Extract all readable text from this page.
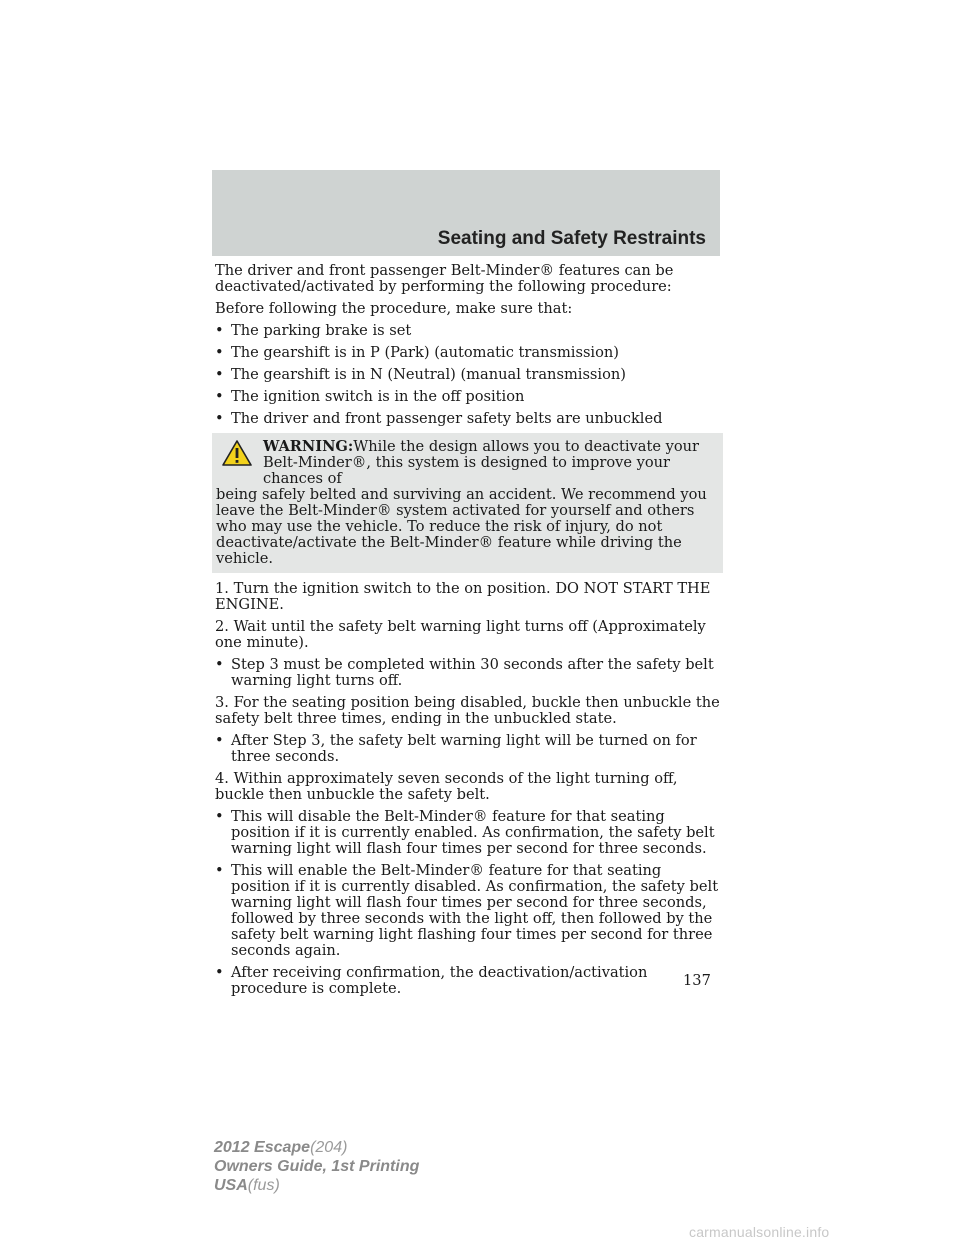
Seating and Safety Restraints

The driver and front passenger Belt-Minder® features can be deactivated/activated by performing the following procedure:

Before following the procedure, make sure that:

• The parking brake is set
• The gearshift is in P (Park) (automatic transmission)
• The gearshift is in N (Neutral) (manual transmission)
• The ignition switch is in the off position
• The driver and front passenger safety belts are unbuckled
WARNING:While the design allows you to deactivate your
Belt-Minder®, this system is designed to improve your chances of
being safely belted and surviving an accident. We recommend you leave the Belt-Minder® system activated for yourself and others who may use the vehicle. To reduce the risk of injury, do not deactivate/activate the Belt-Minder® feature while driving the vehicle.

1. Turn the ignition switch to the on position. DO NOT START THE ENGINE.

2. Wait until the safety belt warning light turns off (Approximately one minute).

• Step 3 must be completed within 30 seconds after the safety belt warning light turns off.

3. For the seating position being disabled, buckle then unbuckle the safety belt three times, ending in the unbuckled state.

• After Step 3, the safety belt warning light will be turned on for three seconds.

4. Within approximately seven seconds of the light turning off, buckle then unbuckle the safety belt.

• This will disable the Belt-Minder® feature for that seating position if it is currently enabled. As confirmation, the safety belt warning light will flash four times per second for three seconds.
• This will enable the Belt-Minder® feature for that seating position if it is currently disabled. As confirmation, the safety belt warning light will flash four times per second for three seconds, followed by three seconds with the light off, then followed by the safety belt warning light flashing four times per second for three seconds again.
• After receiving confirmation, the deactivation/activation procedure is complete.	137
2012 Escape(204)
Owners Guide, 1st Printing
USA(fus)
carmanualsonline.info
